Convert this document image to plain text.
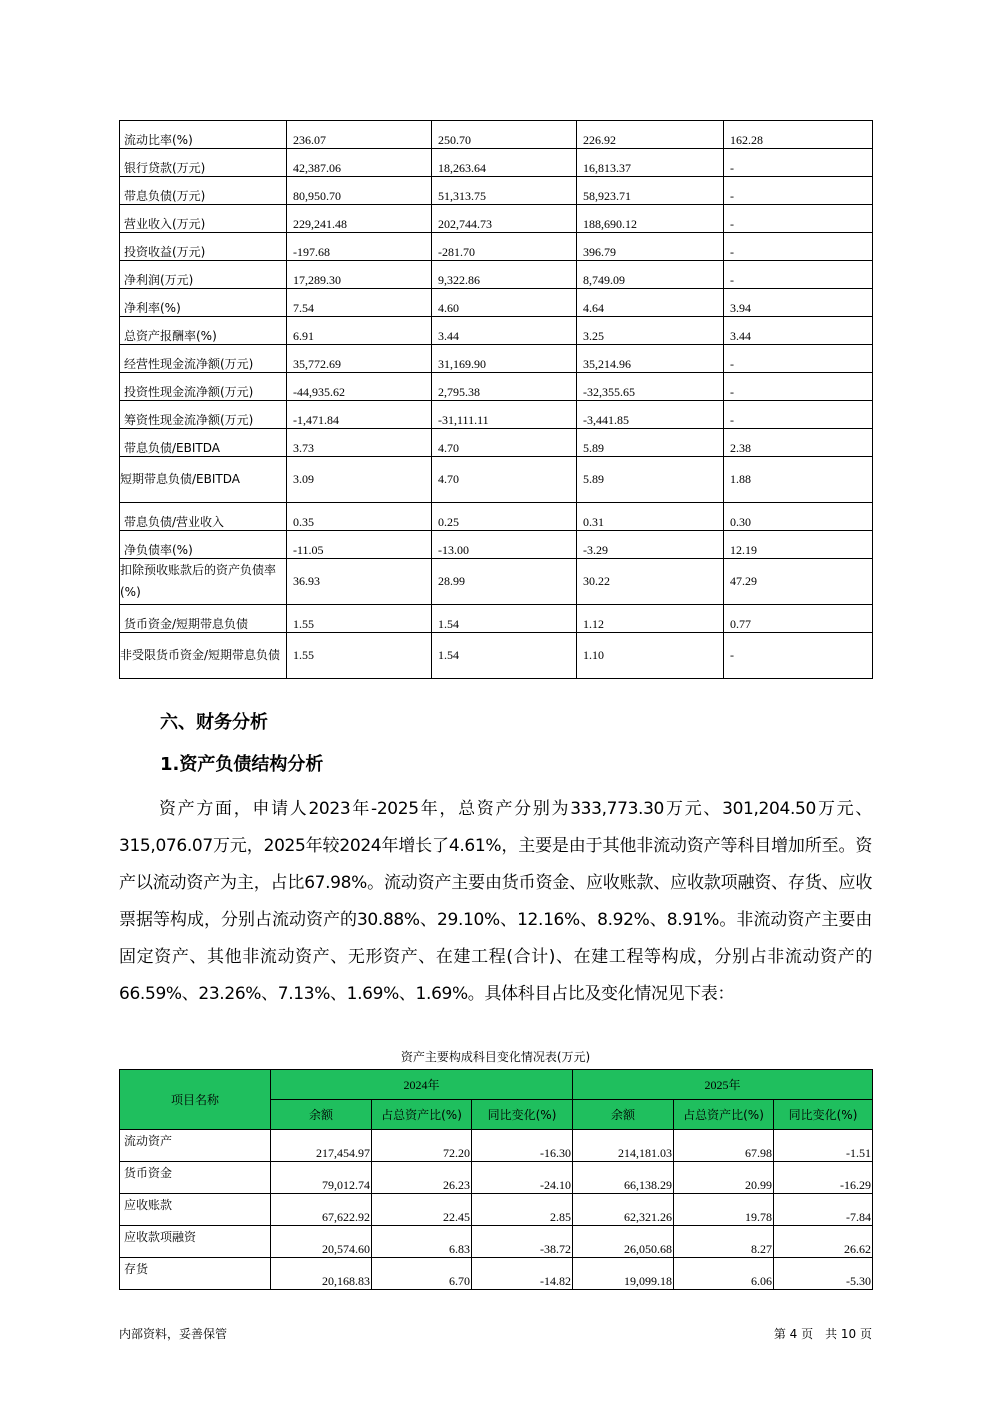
流动比率(%)	236.07	250.70	226.92	162.28
银行贷款(万元)	42,387.06	18,263.64	16,813.37	-
带息负债(万元)	80,950.70	51,313.75	58,923.71	-
营业收入(万元)	229,241.48	202,744.73	188,690.12	-
投资收益(万元)	-197.68	-281.70	396.79	-
净利润(万元)	17,289.30	9,322.86	8,749.09	-
净利率(%)	7.54	4.60	4.64	3.94
总资产报酬率(%)	6.91	3.44	3.25	3.44
经营性现金流净额(万元)	35,772.69	31,169.90	35,214.96	-
投资性现金流净额(万元)	-44,935.62	2,795.38	-32,355.65	-
筹资性现金流净额(万元)	-1,471.84	-31,111.11	-3,441.85	-
带息负债/EBITDA	3.73	4.70	5.89	2.38
短期带息负债/EBITDA	3.09	4.70	5.89	1.88
带息负债/营业收入	0.35	0.25	0.31	0.30
净负债率(%)	-11.05	-13.00	-3.29	12.19
扣除预收账款后的资产负债率(%)	36.93	28.99	30.22	47.29
货币资金/短期带息负债	1.55	1.54	1.12	0.77
非受限货币资金/短期带息负债	1.55	1.54	1.10	-
六、财务分析
1.资产负债结构分析

资产方面，申请人2023年-2025年，总资产分别为333,773.30万元、301,204.50万元、315,076.07万元，2025年较2024年增长了4.61%，主要是由于其他非流动资产等科目增加所至。资产以流动资产为主，占比67.98%。流动资产主要由货币资金、应收账款、应收款项融资、存货、应收票据等构成，分别占流动资产的30.88%、29.10%、12.16%、8.92%、8.91%。非流动资产主要由固定资产、其他非流动资产、无形资产、在建工程(合计)、在建工程等构成，分别占非流动资产的66.59%、23.26%、7.13%、1.69%、1.69%。具体科目占比及变化情况见下表：

资产主要构成科目变化情况表(万元)
项目名称	2024年			2025年		
	余额	占总资产比(%)	同比变化(%)	余额	占总资产比(%)	同比变化(%)
流动资产	217,454.97	72.20	-16.30	214,181.03	67.98	-1.51
货币资金	79,012.74	26.23	-24.10	66,138.29	20.99	-16.29
应收账款	67,622.92	22.45	2.85	62,321.26	19.78	-7.84
应收款项融资	20,574.60	6.83	-38.72	26,050.68	8.27	26.62
存货	20,168.83	6.70	-14.82	19,099.18	6.06	-5.30
内部资料，妥善保管	第 4 页　共 10 页
